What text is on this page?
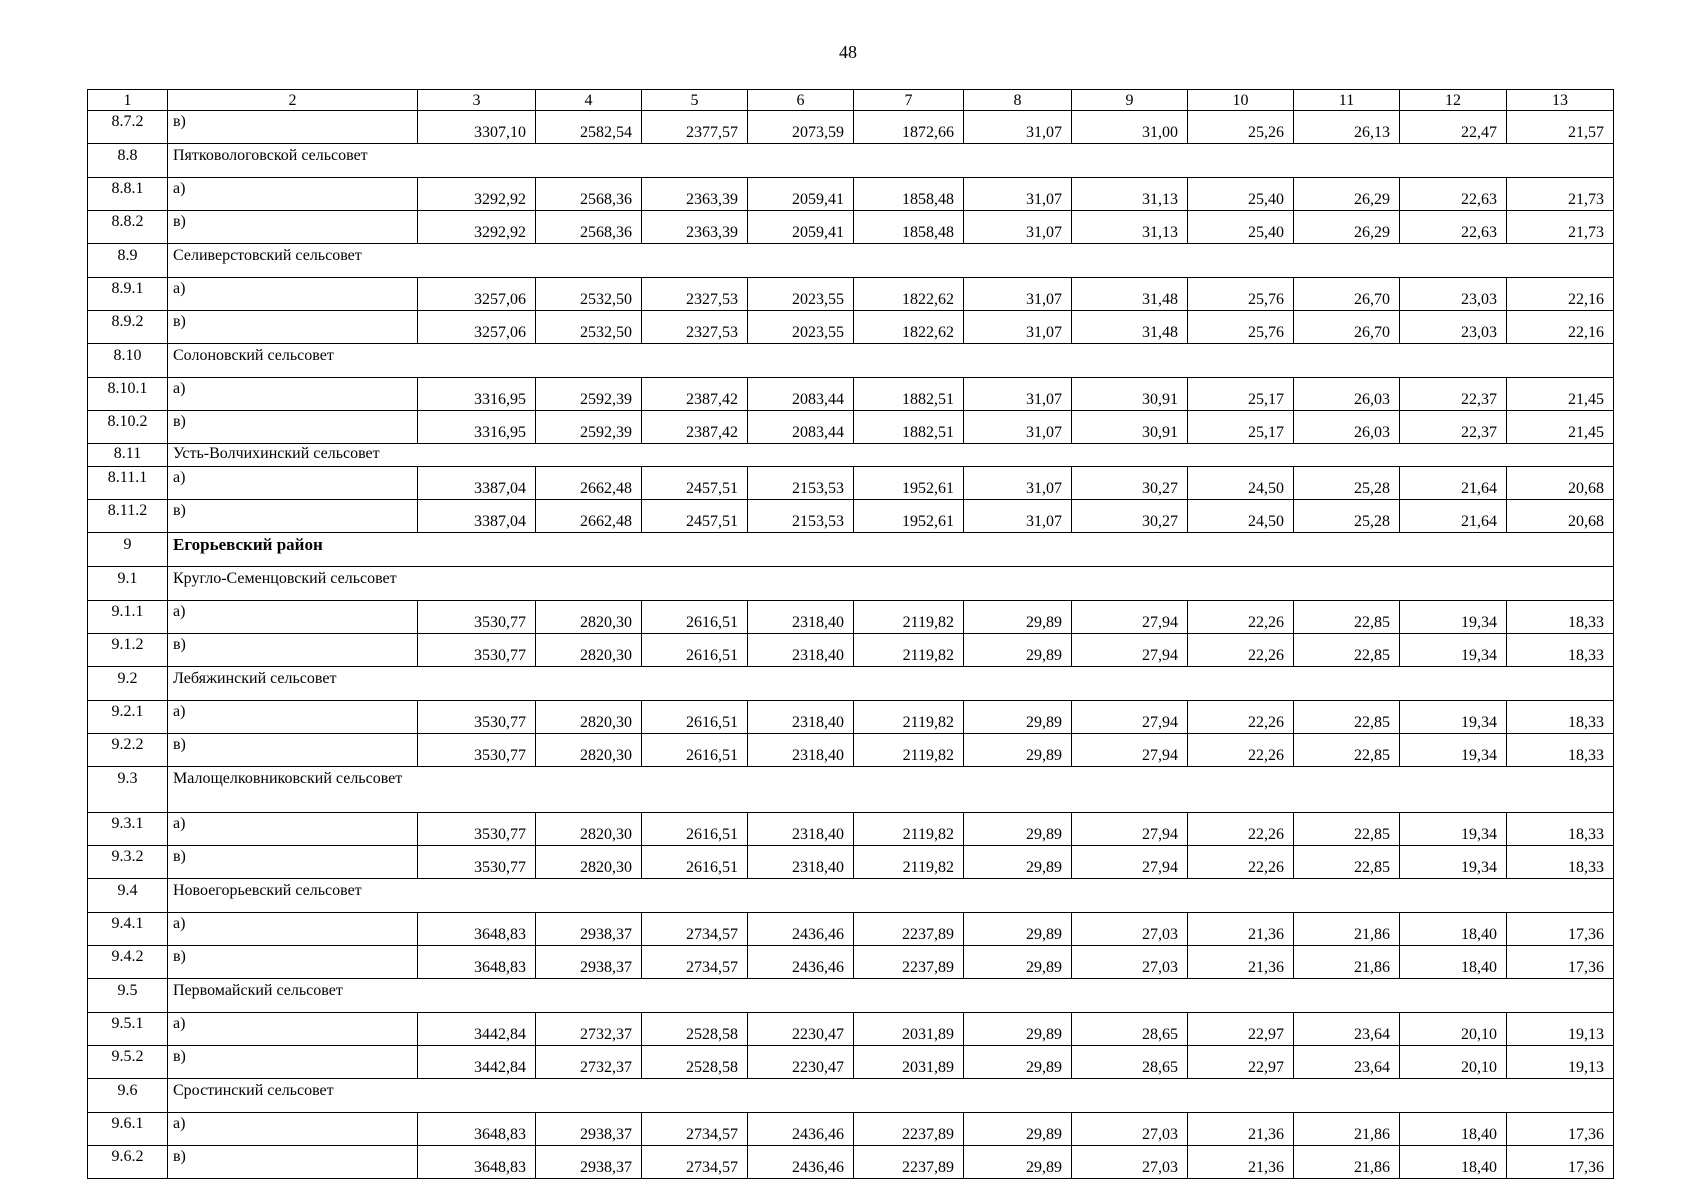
48
1	2	3	4	5	6	7	8	9	10	11	12	13
8.7.2	в)	3307,10	2582,54	2377,57	2073,59	1872,66	31,07	31,00	25,26	26,13	22,47	21,57
8.8	Пятковологовской сельсовет											
8.8.1	а)	3292,92	2568,36	2363,39	2059,41	1858,48	31,07	31,13	25,40	26,29	22,63	21,73
8.8.2	в)	3292,92	2568,36	2363,39	2059,41	1858,48	31,07	31,13	25,40	26,29	22,63	21,73
8.9	Селиверстовский сельсовет											
8.9.1	а)	3257,06	2532,50	2327,53	2023,55	1822,62	31,07	31,48	25,76	26,70	23,03	22,16
8.9.2	в)	3257,06	2532,50	2327,53	2023,55	1822,62	31,07	31,48	25,76	26,70	23,03	22,16
8.10	Солоновский сельсовет											
8.10.1	а)	3316,95	2592,39	2387,42	2083,44	1882,51	31,07	30,91	25,17	26,03	22,37	21,45
8.10.2	в)	3316,95	2592,39	2387,42	2083,44	1882,51	31,07	30,91	25,17	26,03	22,37	21,45
8.11	Усть-Волчихинский сельсовет											
8.11.1	а)	3387,04	2662,48	2457,51	2153,53	1952,61	31,07	30,27	24,50	25,28	21,64	20,68
8.11.2	в)	3387,04	2662,48	2457,51	2153,53	1952,61	31,07	30,27	24,50	25,28	21,64	20,68
9	Егорьевский район											
9.1	Кругло-Семенцовский сельсовет											
9.1.1	а)	3530,77	2820,30	2616,51	2318,40	2119,82	29,89	27,94	22,26	22,85	19,34	18,33
9.1.2	в)	3530,77	2820,30	2616,51	2318,40	2119,82	29,89	27,94	22,26	22,85	19,34	18,33
9.2	Лебяжинский сельсовет											
9.2.1	а)	3530,77	2820,30	2616,51	2318,40	2119,82	29,89	27,94	22,26	22,85	19,34	18,33
9.2.2	в)	3530,77	2820,30	2616,51	2318,40	2119,82	29,89	27,94	22,26	22,85	19,34	18,33
9.3	Малощелковниковский сельсовет											
9.3.1	а)	3530,77	2820,30	2616,51	2318,40	2119,82	29,89	27,94	22,26	22,85	19,34	18,33
9.3.2	в)	3530,77	2820,30	2616,51	2318,40	2119,82	29,89	27,94	22,26	22,85	19,34	18,33
9.4	Новоегорьевский сельсовет											
9.4.1	а)	3648,83	2938,37	2734,57	2436,46	2237,89	29,89	27,03	21,36	21,86	18,40	17,36
9.4.2	в)	3648,83	2938,37	2734,57	2436,46	2237,89	29,89	27,03	21,36	21,86	18,40	17,36
9.5	Первомайский сельсовет											
9.5.1	а)	3442,84	2732,37	2528,58	2230,47	2031,89	29,89	28,65	22,97	23,64	20,10	19,13
9.5.2	в)	3442,84	2732,37	2528,58	2230,47	2031,89	29,89	28,65	22,97	23,64	20,10	19,13
9.6	Сростинский сельсовет											
9.6.1	а)	3648,83	2938,37	2734,57	2436,46	2237,89	29,89	27,03	21,36	21,86	18,40	17,36
9.6.2	в)	3648,83	2938,37	2734,57	2436,46	2237,89	29,89	27,03	21,36	21,86	18,40	17,36
